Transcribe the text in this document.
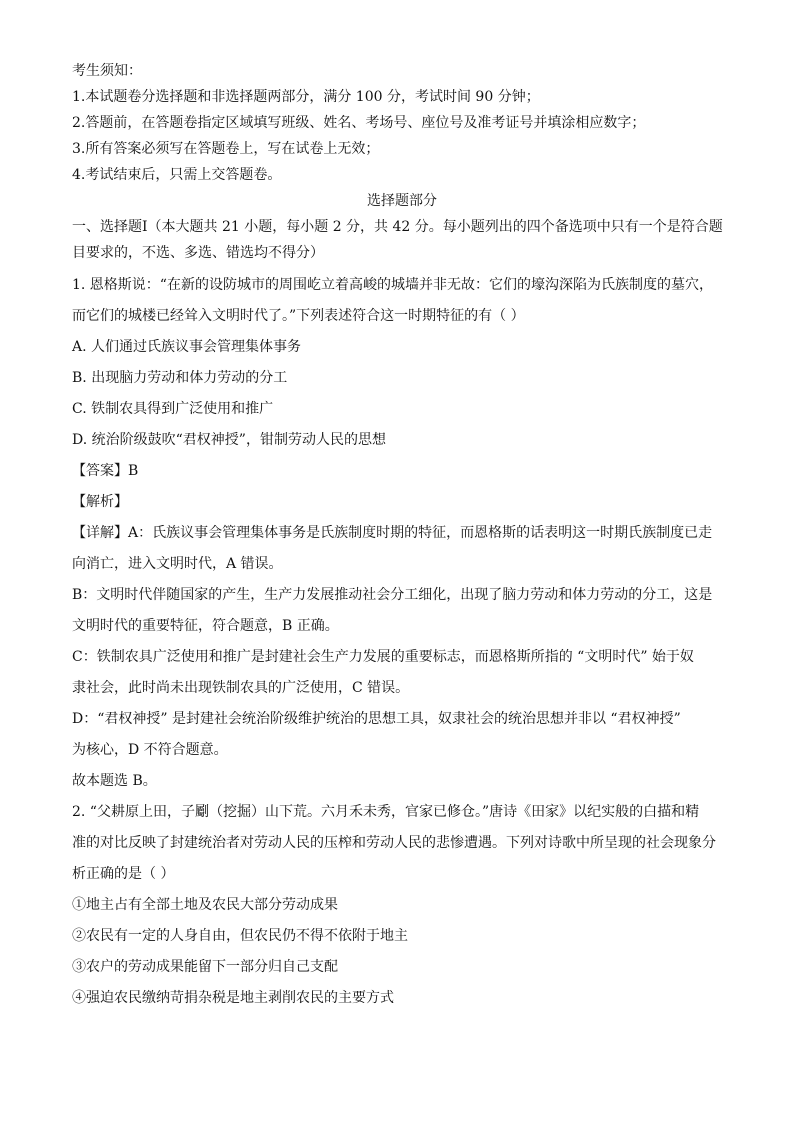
考生须知：
1.本试题卷分选择题和非选择题两部分，满分 100 分，考试时间 90 分钟；
2.答题前，在答题卷指定区域填写班级、姓名、考场号、座位号及准考证号并填涂相应数字；
3.所有答案必须写在答题卷上，写在试卷上无效；
4.考试结束后，只需上交答题卷。
选择题部分
一、选择题Ⅰ（本大题共 21 小题，每小题 2 分，共 42 分。每小题列出的四个备选项中只有一个是符合题
目要求的，不选、多选、错选均不得分）
1. 恩格斯说：“在新的设防城市的周围屹立着高峻的城墙并非无故：它们的壕沟深陷为氏族制度的墓穴，
而它们的城楼已经耸入文明时代了。”下列表述符合这一时期特征的有（ ）
A. 人们通过氏族议事会管理集体事务
B. 出现脑力劳动和体力劳动的分工
C. 铁制农具得到广泛使用和推广
D. 统治阶级鼓吹“君权神授”，钳制劳动人民的思想
【答案】B
【解析】
【详解】A：氏族议事会管理集体事务是氏族制度时期的特征，而恩格斯的话表明这一时期氏族制度已走
向消亡，进入文明时代，A 错误。
B：文明时代伴随国家的产生，生产力发展推动社会分工细化，出现了脑力劳动和体力劳动的分工，这是
文明时代的重要特征，符合题意，B 正确。
C：铁制农具广泛使用和推广是封建社会生产力发展的重要标志，而恩格斯所指的 “文明时代” 始于奴
隶社会，此时尚未出现铁制农具的广泛使用，C 错误。
D：“君权神授” 是封建社会统治阶级维护统治的思想工具，奴隶社会的统治思想并非以 “君权神授”
为核心，D 不符合题意。
故本题选 B。
2. “父耕原上田，子劚（挖掘）山下荒。六月禾未秀，官家已修仓。”唐诗《田家》以纪实般的白描和精
准的对比反映了封建统治者对劳动人民的压榨和劳动人民的悲惨遭遇。下列对诗歌中所呈现的社会现象分
析正确的是（ ）
①地主占有全部土地及农民大部分劳动成果
②农民有一定的人身自由，但农民仍不得不依附于地主
③农户的劳动成果能留下一部分归自己支配
④强迫农民缴纳苛捐杂税是地主剥削农民的主要方式
